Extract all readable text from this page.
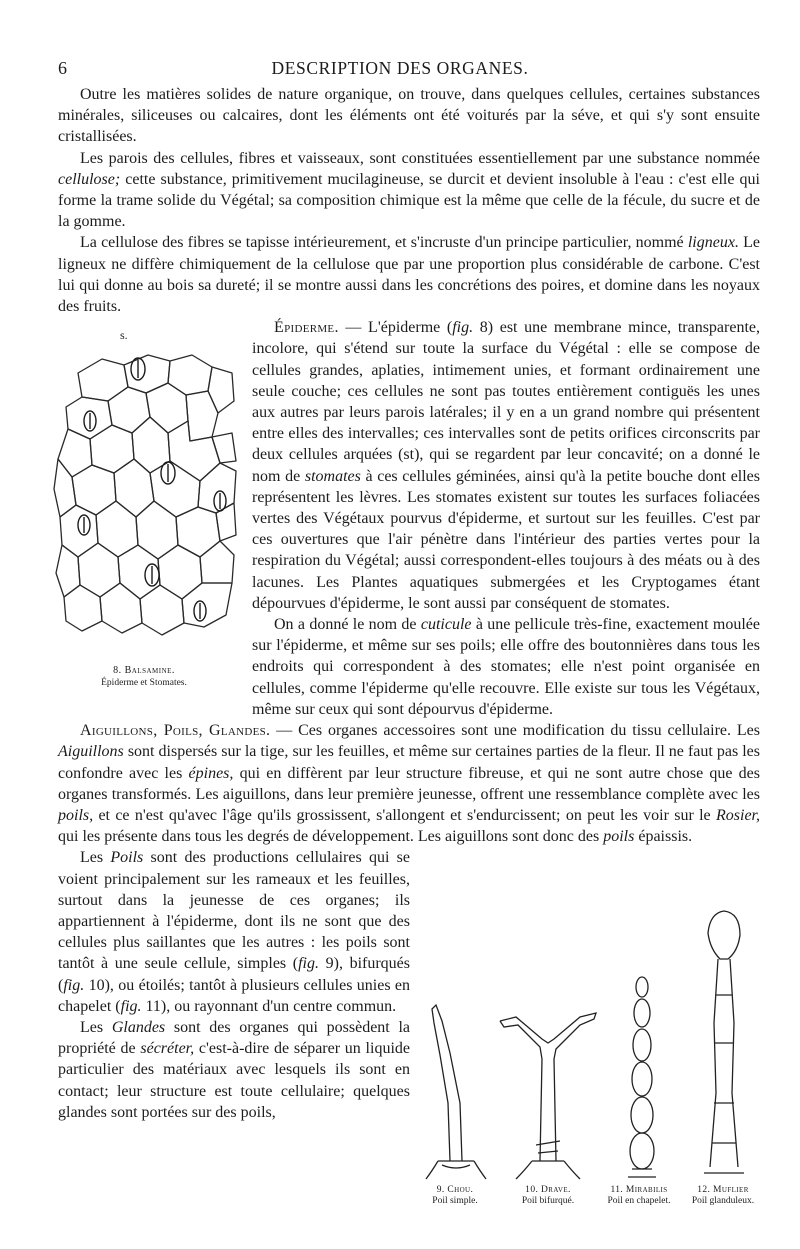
6	DESCRIPTION DES ORGANES.

Outre les matières solides de nature organique, on trouve, dans quelques cellules, certaines substances minérales, siliceuses ou calcaires, dont les éléments ont été voiturés par la séve, et qui s'y sont ensuite cristallisées.

Les parois des cellules, fibres et vaisseaux, sont constituées essentiellement par une substance nommée cellulose; cette substance, primitivement mucilagineuse, se durcit et devient insoluble à l'eau : c'est elle qui forme la trame solide du Végétal; sa composition chimique est la même que celle de la fécule, du sucre et de la gomme.

La cellulose des fibres se tapisse intérieurement, et s'incruste d'un principe particulier, nommé ligneux. Le ligneux ne diffère chimiquement de la cellulose que par une proportion plus considérable de carbone. C'est lui qui donne au bois sa dureté; il se montre aussi dans les concrétions des poires, et domine dans les noyaux des fruits.

s.
8. Balsamine.
Épiderme et Stomates.

Épiderme. — L'épiderme (fig. 8) est une membrane mince, transparente, incolore, qui s'étend sur toute la surface du Végétal : elle se compose de cellules grandes, aplaties, intimement unies, et formant ordinairement une seule couche; ces cellules ne sont pas toutes entièrement contiguës les unes aux autres par leurs parois latérales; il y en a un grand nombre qui présentent entre elles des intervalles; ces intervalles sont de petits orifices circonscrits par deux cellules arquées (st), qui se regardent par leur concavité; on a donné le nom de stomates à ces cellules géminées, ainsi qu'à la petite bouche dont elles représentent les lèvres. Les stomates existent sur toutes les surfaces foliacées vertes des Végétaux pourvus d'épiderme, et surtout sur les feuilles. C'est par ces ouvertures que l'air pénètre dans l'intérieur des parties vertes pour la respiration du Végétal; aussi correspondent-elles toujours à des méats ou à des lacunes. Les Plantes aquatiques submergées et les Cryptogames étant dépourvues d'épiderme, le sont aussi par conséquent de stomates.

On a donné le nom de cuticule à une pellicule très-fine, exactement moulée sur l'épiderme, et même sur ses poils; elle offre des boutonnières dans tous les endroits qui correspondent à des stomates; elle n'est point organisée en cellules, comme l'épiderme qu'elle recouvre. Elle existe sur tous les Végétaux, même sur ceux qui sont dépourvus d'épiderme.

Aiguillons, Poils, Glandes. — Ces organes accessoires sont une modification du tissu cellulaire. Les Aiguillons sont dispersés sur la tige, sur les feuilles, et même sur certaines parties de la fleur. Il ne faut pas les confondre avec les épines, qui en diffèrent par leur structure fibreuse, et qui ne sont autre chose que des organes transformés. Les aiguillons, dans leur première jeunesse, offrent une ressemblance complète avec les poils, et ce n'est qu'avec l'âge qu'ils grossissent, s'allongent et s'endurcissent; on peut les voir sur le Rosier, qui les présente dans tous les degrés de développement. Les aiguillons sont donc des poils épaissis.

9. Chou.
Poil simple.
10. Drave.
Poil bifurqué.
11. Mirabilis
Poil en chapelet.
12. Muflier
Poil glanduleux.

Les Poils sont des productions cellulaires qui se voient principalement sur les rameaux et les feuilles, surtout dans la jeunesse de ces organes; ils appartiennent à l'épiderme, dont ils ne sont que des cellules plus saillantes que les autres : les poils sont tantôt à une seule cellule, simples (fig. 9), bifurqués (fig. 10), ou étoilés; tantôt à plusieurs cellules unies en chapelet (fig. 11), ou rayonnant d'un centre commun.

Les Glandes sont des organes qui possèdent la propriété de sécréter, c'est-à-dire de séparer un liquide particulier des matériaux avec lesquels ils sont en contact; leur structure est toute cellulaire; quelques glandes sont portées sur des poils,
